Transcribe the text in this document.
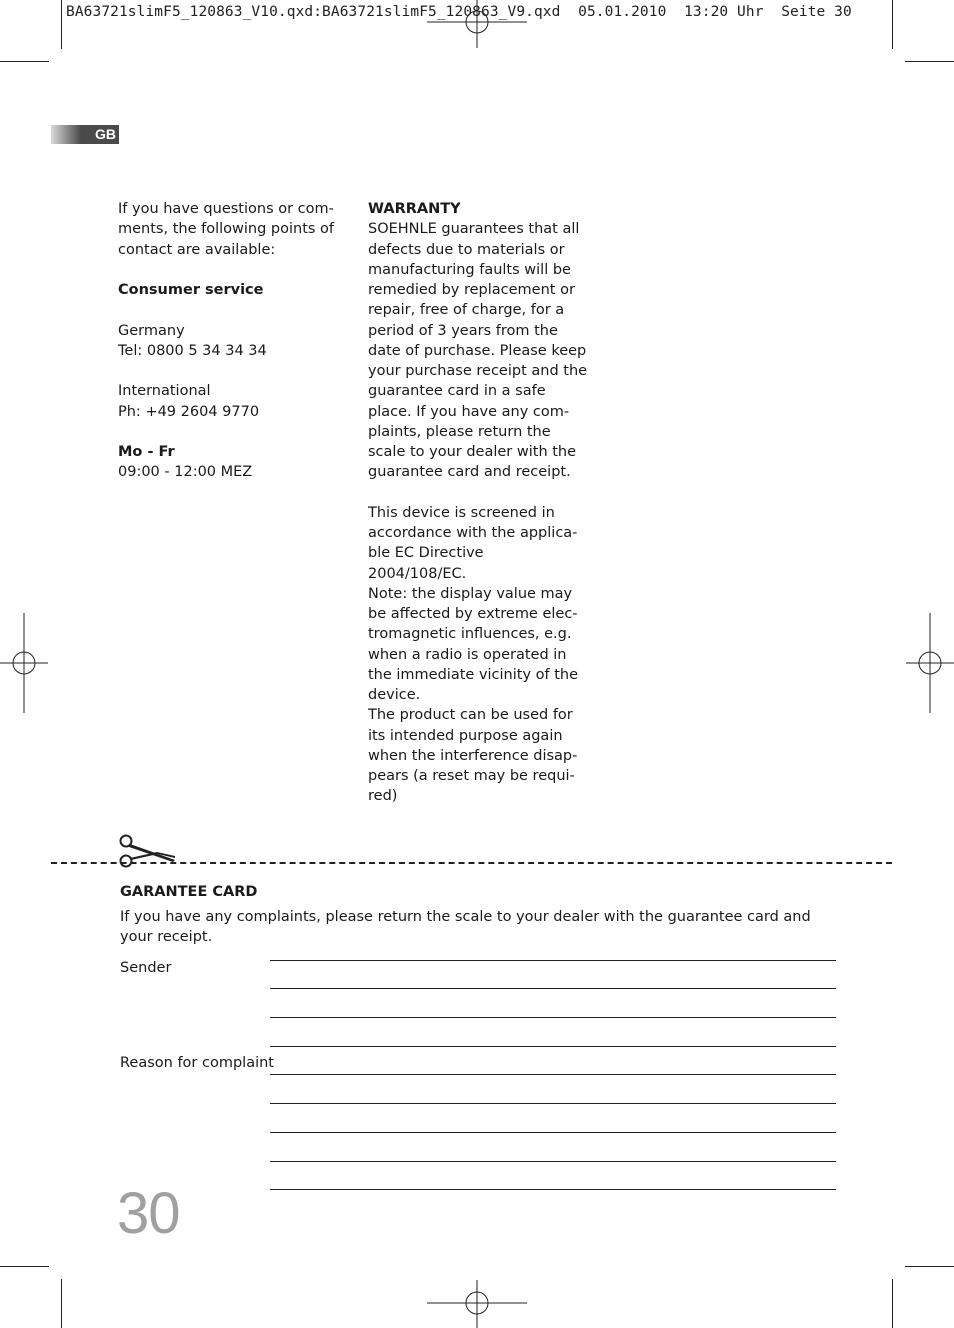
BA63721slimF5_120863_V10.qxd:BA63721slimF5_120863_V9.qxd  05.01.2010  13:20 Uhr  Seite 30
GB

If you have questions or com-
ments, the following points of
contact are available:

Consumer service

Germany

Tel: 0800 5 34 34 34

International

Ph: +49 2604 9770

Mo - Fr

09:00 - 12:00 MEZ

WARRANTY

SOEHNLE guarantees that all
defects due to materials or
manufacturing faults will be
remedied by replacement or
repair, free of charge, for a
period of 3 years from the
date of purchase. Please keep
your purchase receipt and the
guarantee card in a safe
place. If you have any com-
plaints, please return the
scale to your dealer with the
guarantee card and receipt.

This device is screened in
accordance with the applica-
ble EC Directive
2004/108/EC.
Note: the display value may
be affected by extreme elec-
tromagnetic influences, e.g.
when a radio is operated in
the immediate vicinity of the
device.
The product can be used for
its intended purpose again
when the interference disap-
pears (a reset may be requi-
red)

GARANTEE CARD
If you have any complaints, please return the scale to your dealer with the guarantee card and your receipt.
Sender
Reason for complaint
30
